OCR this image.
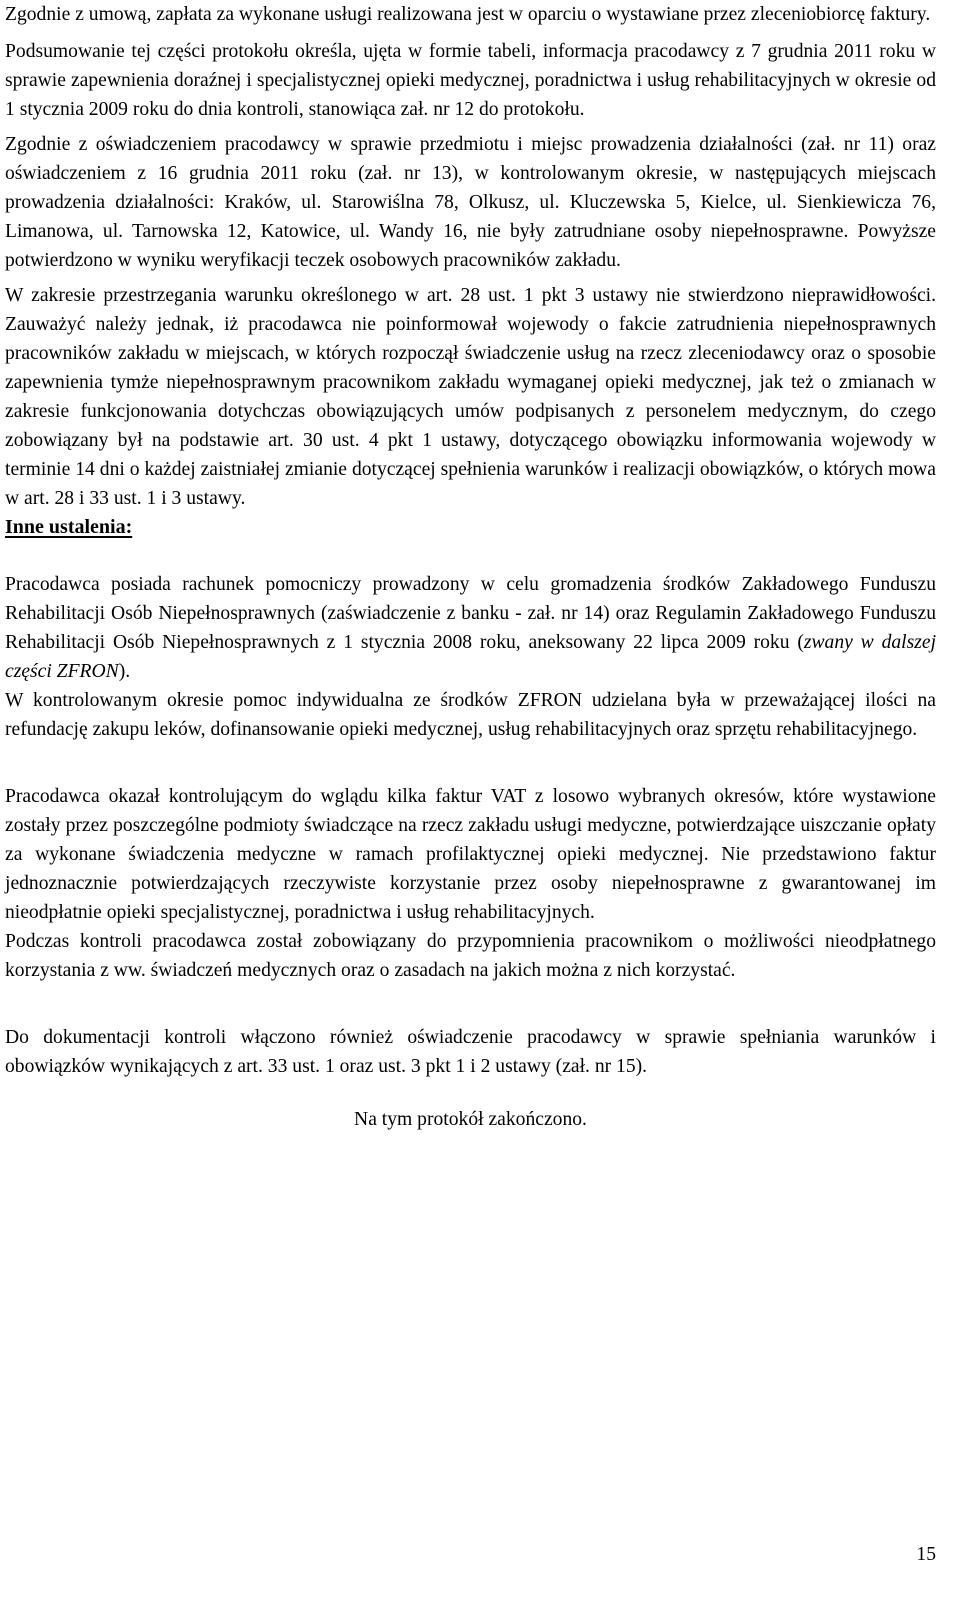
Zgodnie z umową, zapłata za wykonane usługi realizowana jest w oparciu o wystawiane przez zleceniobiorcę faktury.

Podsumowanie tej części protokołu określa, ujęta w formie tabeli, informacja pracodawcy z 7 grudnia 2011 roku w sprawie zapewnienia doraźnej i specjalistycznej opieki medycznej, poradnictwa i usług rehabilitacyjnych w okresie od 1 stycznia 2009 roku do dnia kontroli, stanowiąca zał. nr 12 do protokołu.

Zgodnie z oświadczeniem pracodawcy w sprawie przedmiotu i miejsc prowadzenia działalności (zał. nr 11) oraz oświadczeniem z 16 grudnia 2011 roku (zał. nr 13), w kontrolowanym okresie, w następujących miejscach prowadzenia działalności: Kraków, ul. Starowiślna 78, Olkusz, ul. Kluczewska 5, Kielce, ul. Sienkiewicza 76, Limanowa, ul. Tarnowska 12, Katowice, ul. Wandy 16, nie były zatrudniane osoby niepełnosprawne. Powyższe potwierdzono w wyniku weryfikacji teczek osobowych pracowników zakładu.

W zakresie przestrzegania warunku określonego w art. 28 ust. 1 pkt 3 ustawy nie stwierdzono nieprawidłowości. Zauważyć należy jednak, iż pracodawca nie poinformował wojewody o fakcie zatrudnienia niepełnosprawnych pracowników zakładu w miejscach, w których rozpoczął świadczenie usług na rzecz zleceniodawcy oraz o sposobie zapewnienia tymże niepełnosprawnym pracownikom zakładu wymaganej opieki medycznej, jak też o zmianach w zakresie funkcjonowania dotychczas obowiązujących umów podpisanych z personelem medycznym, do czego zobowiązany był na podstawie art. 30 ust. 4 pkt 1 ustawy, dotyczącego obowiązku informowania wojewody w terminie 14 dni o każdej zaistniałej zmianie dotyczącej spełnienia warunków i realizacji obowiązków, o których mowa w art. 28 i 33 ust. 1 i 3 ustawy.

Inne ustalenia:

Pracodawca posiada rachunek pomocniczy prowadzony w celu gromadzenia środków Zakładowego Funduszu Rehabilitacji Osób Niepełnosprawnych (zaświadczenie z banku - zał. nr 14) oraz Regulamin Zakładowego Funduszu Rehabilitacji Osób Niepełnosprawnych z 1 stycznia 2008 roku, aneksowany 22 lipca 2009 roku (zwany w dalszej części ZFRON).

W kontrolowanym okresie pomoc indywidualna ze środków ZFRON udzielana była w przeważającej ilości na refundację zakupu leków, dofinansowanie opieki medycznej, usług rehabilitacyjnych oraz sprzętu rehabilitacyjnego.

Pracodawca okazał kontrolującym do wglądu kilka faktur VAT z losowo wybranych okresów, które wystawione zostały przez poszczególne podmioty świadczące na rzecz zakładu usługi medyczne, potwierdzające uiszczanie opłaty za wykonane świadczenia medyczne w ramach profilaktycznej opieki medycznej. Nie przedstawiono faktur jednoznacznie potwierdzających rzeczywiste korzystanie przez osoby niepełnosprawne z gwarantowanej im nieodpłatnie opieki specjalistycznej, poradnictwa i usług rehabilitacyjnych.

Podczas kontroli pracodawca został zobowiązany do przypomnienia pracownikom o możliwości nieodpłatnego korzystania z ww. świadczeń medycznych oraz o zasadach na jakich można z nich korzystać.

Do dokumentacji kontroli włączono również oświadczenie pracodawcy w sprawie spełniania warunków i obowiązków wynikających z art. 33 ust. 1 oraz ust. 3 pkt 1 i 2 ustawy (zał. nr 15).

Na tym protokół zakończono.

15
